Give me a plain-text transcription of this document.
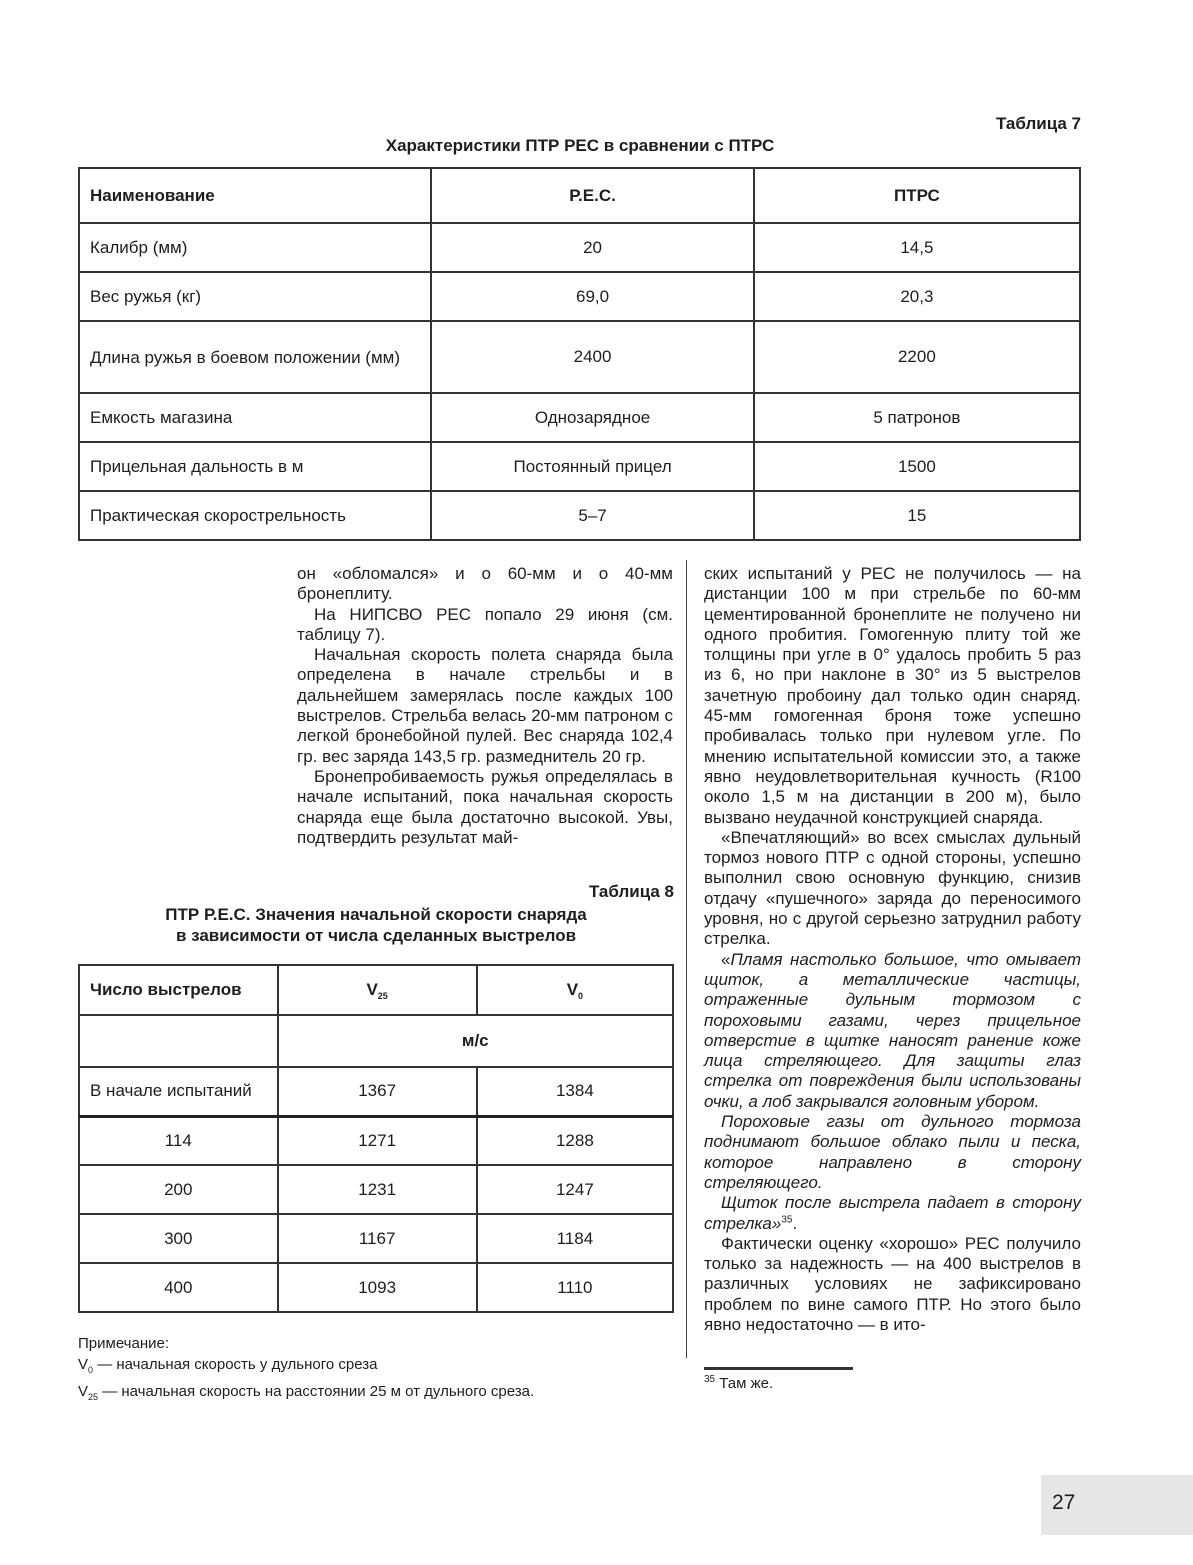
Таблица 7
Характеристики ПТР РЕС в сравнении с ПТРС
Наименование	Р.Е.С.	ПТРС
Калибр (мм)	20	14,5
Вес ружья (кг)	69,0	20,3
Длина ружья в боевом положении (мм)	2400	2200
Емкость магазина	Однозарядное	5 патронов
Прицельная дальность в м	Постоянный прицел	1500
Практическая скорострельность	5–7	15

он «обломался» и о 60-мм и о 40-мм бронеплиту.

На НИПСВО РЕС попало 29 июня (см. таблицу 7).

Начальная скорость полета снаряда была определена в начале стрельбы и в дальнейшем замерялась после каждых 100 выстрелов. Стрельба велась 20-мм патроном с легкой бронебойной пулей. Вес снаряда 102,4 гр. вес заряда 143,5 гр. размеднитель 20 гр.

Бронепробиваемость ружья определялась в начале испытаний, пока начальная скорость снаряда еще была достаточно высокой. Увы, подтвердить результат май-

Таблица 8
ПТР Р.Е.С. Значения начальной скорости снаряда
в зависимости от числа сделанных выстрелов
Число выстрелов	$V_{25}$	$V_0$
	м/с	
В начале испытаний	1367	1384
114	1271	1288
200	1231	1247
300	1167	1184
400	1093	1110
Примечание:
$V_0$ — начальная скорость у дульного среза
$V_{25}$ — начальная скорость на расстоянии 25 м от дульного среза.

ских испытаний у РЕС не получилось — на дистанции 100 м при стрельбе по 60-мм цементированной бронеплите не получено ни одного пробития. Гомогенную плиту той же толщины при угле в 0° удалось пробить 5 раз из 6, но при наклоне в 30° из 5 выстрелов зачетную пробоину дал только один снаряд. 45-мм гомогенная броня тоже успешно пробивалась только при нулевом угле. По мнению испытательной комиссии это, а также явно неудовлетворительная кучность (R100 около 1,5 м на дистанции в 200 м), было вызвано неудачной конструкцией снаряда.

«Впечатляющий» во всех смыслах дульный тормоз нового ПТР с одной стороны, успешно выполнил свою основную функцию, снизив отдачу «пушечного» заряда до переносимого уровня, но с другой серьезно затруднил работу стрелка.

«Пламя настолько большое, что омывает щиток, а металлические частицы, отраженные дульным тормозом с пороховыми газами, через прицельное отверстие в щитке наносят ранение коже лица стреляющего. Для защиты глаз стрелка от повреждения были использованы очки, а лоб закрывался головным убором.

Пороховые газы от дульного тормоза поднимают большое облако пыли и песка, которое направлено в сторону стреляющего.

Щиток после выстрела падает в сторону стрелка»$^{35}$.

Фактически оценку «хорошо» РЕС получило только за надежность — на 400 выстрелов в различных условиях не зафиксировано проблем по вине самого ПТР. Но этого было явно недостаточно — в ито-

$^{35}$ Там же.
27
